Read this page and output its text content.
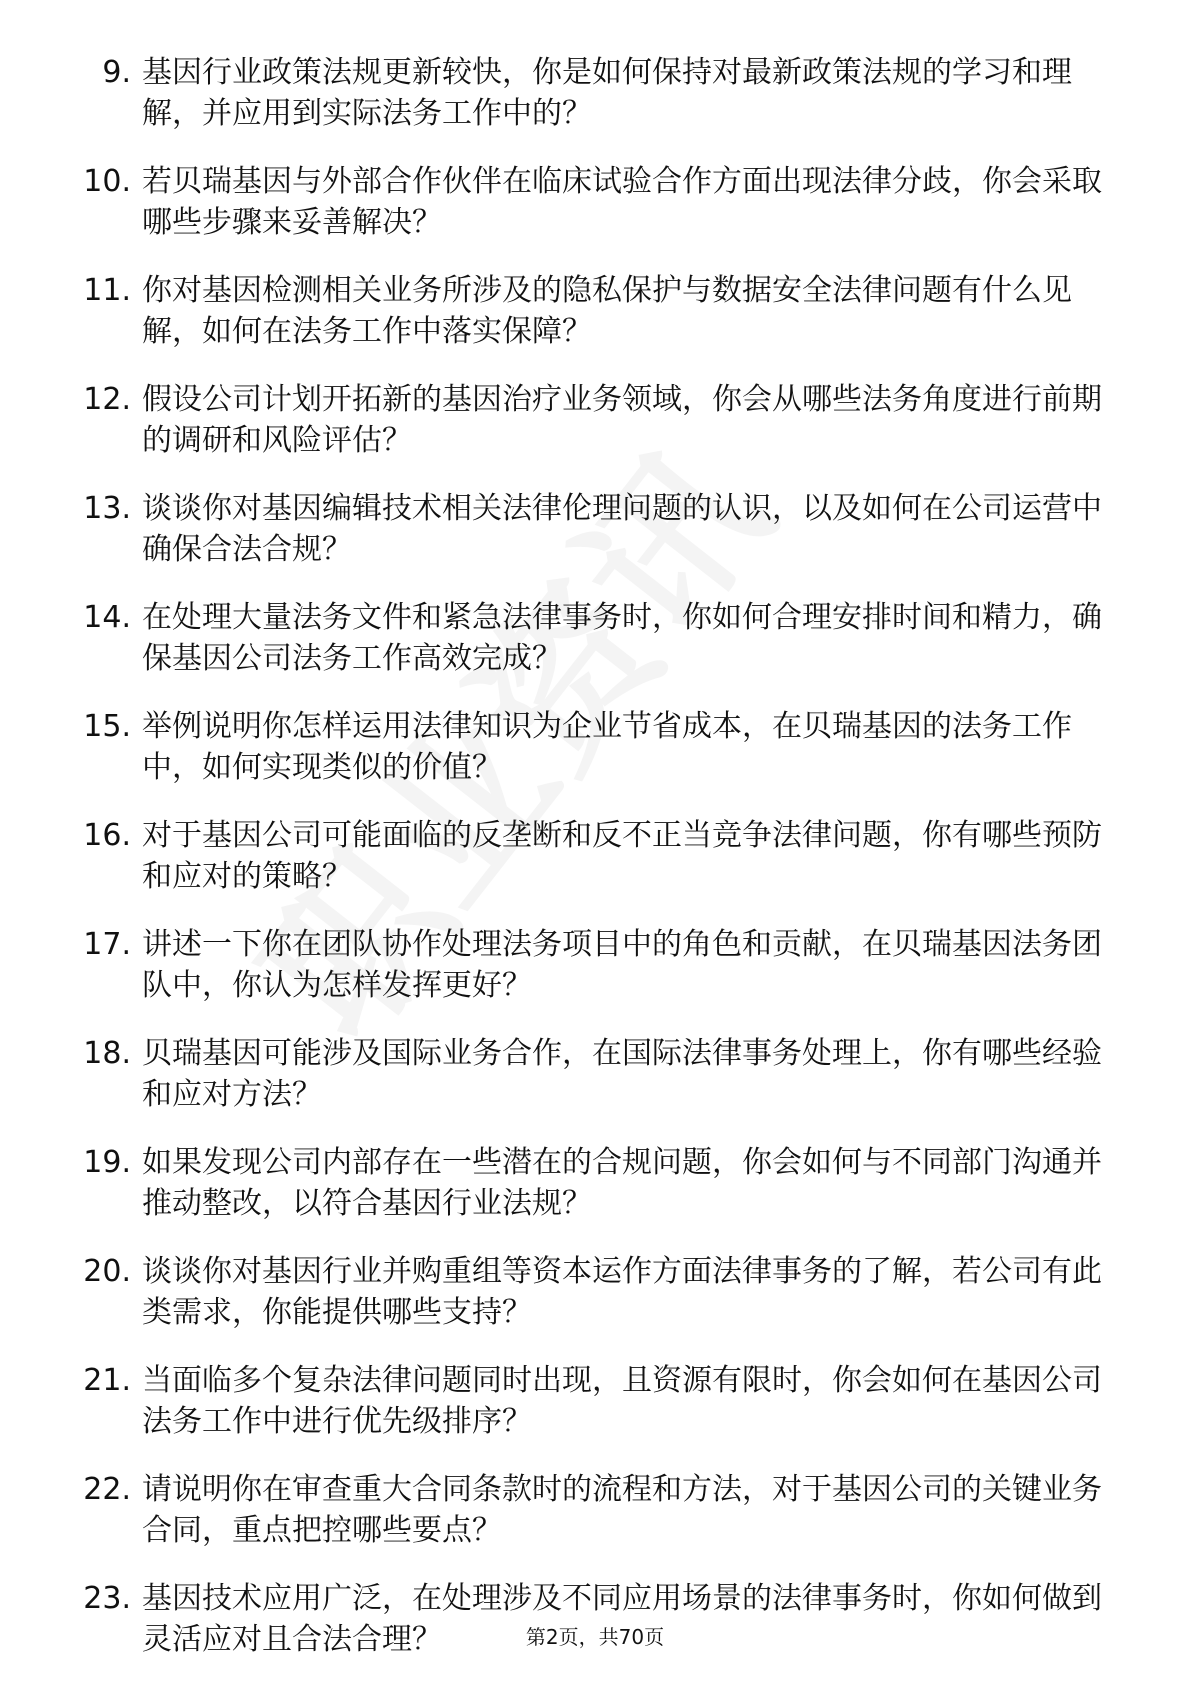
9. 基因行业政策法规更新较快，你是如何保持对最新政策法规的学习和理解，并应用到实际法务工作中的？
10. 若贝瑞基因与外部合作伙伴在临床试验合作方面出现法律分歧，你会采取哪些步骤来妥善解决？
11. 你对基因检测相关业务所涉及的隐私保护与数据安全法律问题有什么见解，如何在法务工作中落实保障？
12. 假设公司计划开拓新的基因治疗业务领域，你会从哪些法务角度进行前期的调研和风险评估？
13. 谈谈你对基因编辑技术相关法律伦理问题的认识，以及如何在公司运营中确保合法合规？
14. 在处理大量法务文件和紧急法律事务时，你如何合理安排时间和精力，确保基因公司法务工作高效完成？
15. 举例说明你怎样运用法律知识为企业节省成本，在贝瑞基因的法务工作中，如何实现类似的价值？
16. 对于基因公司可能面临的反垄断和反不正当竞争法律问题，你有哪些预防和应对的策略？
17. 讲述一下你在团队协作处理法务项目中的角色和贡献，在贝瑞基因法务团队中，你认为怎样发挥更好？
18. 贝瑞基因可能涉及国际业务合作，在国际法律事务处理上，你有哪些经验和应对方法？
19. 如果发现公司内部存在一些潜在的合规问题，你会如何与不同部门沟通并推动整改，以符合基因行业法规？
20. 谈谈你对基因行业并购重组等资本运作方面法律事务的了解，若公司有此类需求，你能提供哪些支持？
21. 当面临多个复杂法律问题同时出现，且资源有限时，你会如何在基因公司法务工作中进行优先级排序？
22. 请说明你在审查重大合同条款时的流程和方法，对于基因公司的关键业务合同，重点把控哪些要点？
23. 基因技术应用广泛，在处理涉及不同应用场景的法律事务时，你如何做到灵活应对且合法合理？	第2页，共70页
